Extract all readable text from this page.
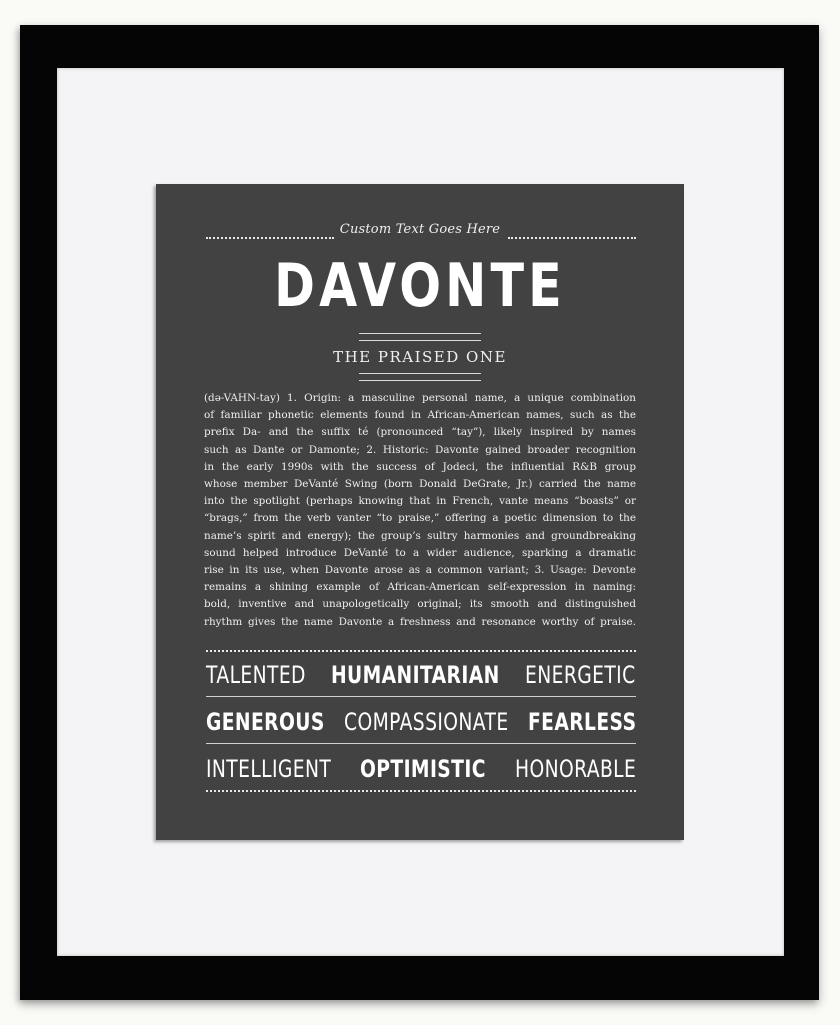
Custom Text Goes Here
DAVONTE
THE PRAISED ONE
(də-VAHN-tay) 1. Origin: a masculine personal name, a unique combination
of familiar phonetic elements found in African-American names, such as the
prefix Da- and the suffix té (pronounced “tay”), likely inspired by names
such as Dante or Damonte; 2. Historic: Davonte gained broader recognition
in the early 1990s with the success of Jodeci, the influential R&B group
whose member DeVanté Swing (born Donald DeGrate, Jr.) carried the name
into the spotlight (perhaps knowing that in French, vante means “boasts” or
“brags,” from the verb vanter “to praise,” offering a poetic dimension to the
name’s spirit and energy); the group’s sultry harmonies and groundbreaking
sound helped introduce DeVanté to a wider audience, sparking a dramatic
rise in its use, when Davonte arose as a common variant; 3. Usage: Devonte
remains a shining example of African-American self-expression in naming:
bold, inventive and unapologetically original; its smooth and distinguished
rhythm gives the name Davonte a freshness and resonance worthy of praise.
TALENTED HUMANITARIAN ENERGETIC
GENEROUS COMPASSIONATE FEARLESS
INTELLIGENT OPTIMISTIC HONORABLE
